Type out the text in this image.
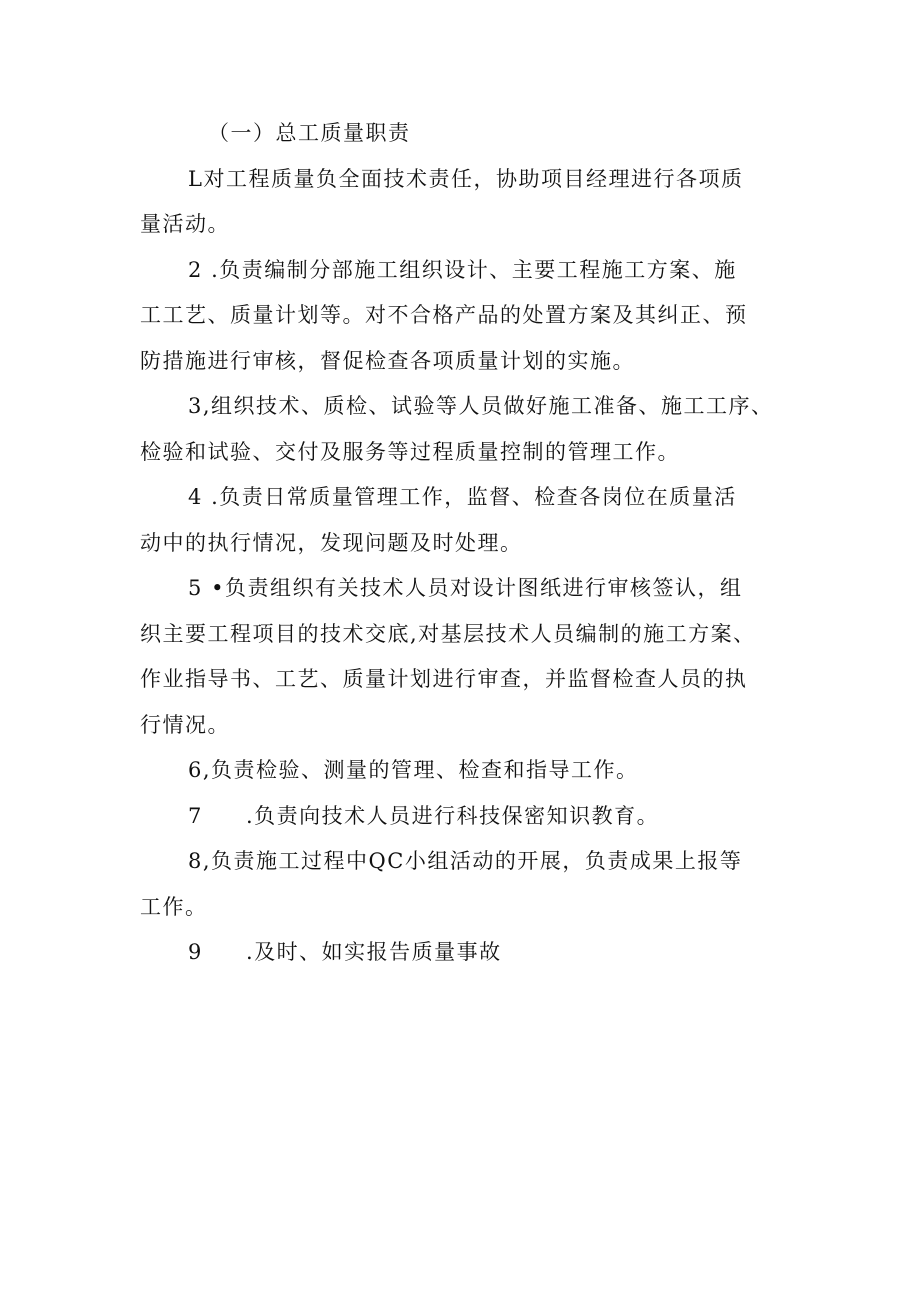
（一）总工质量职责
L对工程质量负全面技术责任，协助项目经理进行各项质
量活动。
2 .负责编制分部施工组织设计、主要工程施工方案、施
工工艺、质量计划等。对不合格产品的处置方案及其纠正、预
防措施进行审核，督促检查各项质量计划的实施。
3,组织技术、质检、试验等人员做好施工准备、施工工序、
检验和试验、交付及服务等过程质量控制的管理工作。
4 .负责日常质量管理工作，监督、检查各岗位在质量活
动中的执行情况，发现问题及时处理。
5 •负责组织有关技术人员对设计图纸进行审核签认，组
织主要工程项目的技术交底,对基层技术人员编制的施工方案、
作业指导书、工艺、质量计划进行审查，并监督检查人员的执
行情况。
6,负责检验、测量的管理、检查和指导工作。
7 .负责向技术人员进行科技保密知识教育。
8,负责施工过程中QC小组活动的开展，负责成果上报等
工作。
9 .及时、如实报告质量事故
